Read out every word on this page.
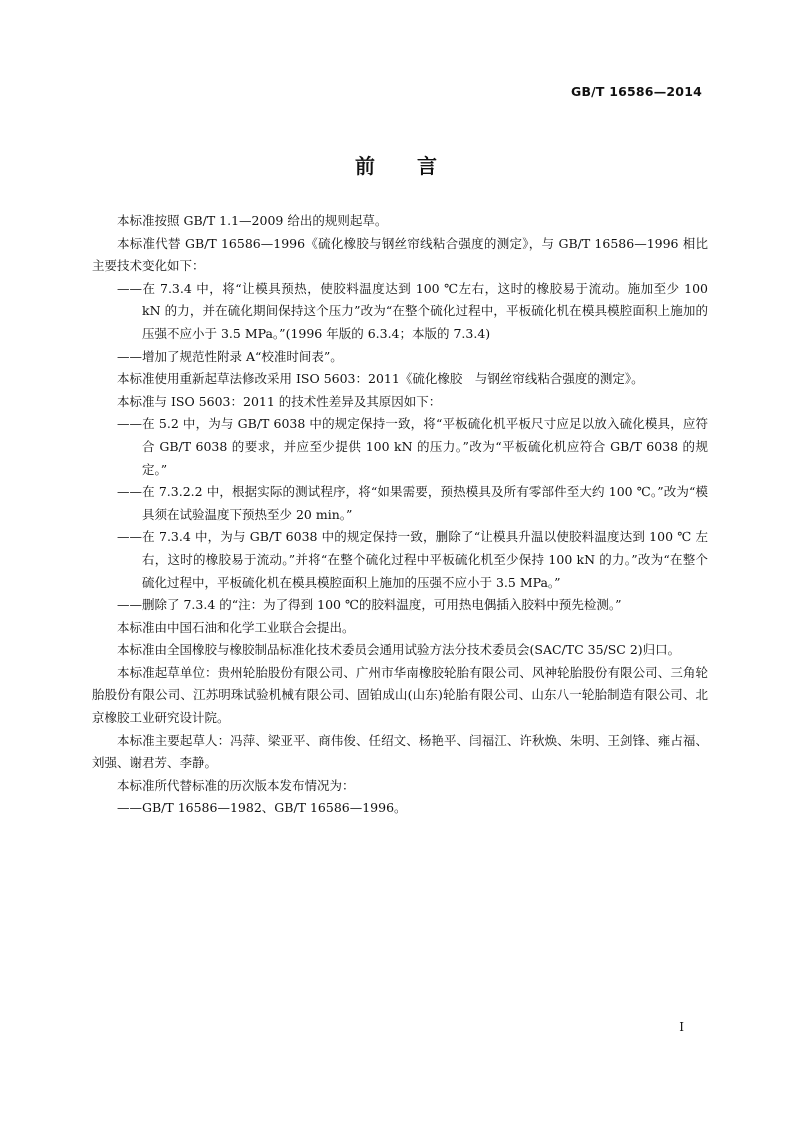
GB/T 16586—2014
前 言

本标准按照 GB/T 1.1—2009 给出的规则起草。

本标准代替 GB/T 16586—1996《硫化橡胶与钢丝帘线粘合强度的测定》，与 GB/T 16586—1996 相比主要技术变化如下：

——在 7.3.4 中，将“让模具预热，使胶料温度达到 100 ℃左右，这时的橡胶易于流动。施加至少 100 kN 的力，并在硫化期间保持这个压力”改为“在整个硫化过程中，平板硫化机在模具模腔面积上施加的压强不应小于 3.5 MPa。”(1996 年版的 6.3.4；本版的 7.3.4)

——增加了规范性附录 A“校准时间表”。

本标准使用重新起草法修改采用 ISO 5603：2011《硫化橡胶　与钢丝帘线粘合强度的测定》。

本标准与 ISO 5603：2011 的技术性差异及其原因如下：

——在 5.2 中，为与 GB/T 6038 中的规定保持一致，将“平板硫化机平板尺寸应足以放入硫化模具，应符合 GB/T 6038 的要求，并应至少提供 100 kN 的压力。”改为“平板硫化机应符合 GB/T 6038 的规定。”

——在 7.3.2.2 中，根据实际的测试程序，将“如果需要，预热模具及所有零部件至大约 100 ℃。”改为“模具须在试验温度下预热至少 20 min。”

——在 7.3.4 中，为与 GB/T 6038 中的规定保持一致，删除了“让模具升温以使胶料温度达到 100 ℃ 左右，这时的橡胶易于流动。”并将“在整个硫化过程中平板硫化机至少保持 100 kN 的力。”改为“在整个硫化过程中，平板硫化机在模具模腔面积上施加的压强不应小于 3.5 MPa。”

——删除了 7.3.4 的“注：为了得到 100 ℃的胶料温度，可用热电偶插入胶料中预先检测。”

本标准由中国石油和化学工业联合会提出。

本标准由全国橡胶与橡胶制品标准化技术委员会通用试验方法分技术委员会(SAC/TC 35/SC 2)归口。

本标准起草单位：贵州轮胎股份有限公司、广州市华南橡胶轮胎有限公司、风神轮胎股份有限公司、三角轮胎股份有限公司、江苏明珠试验机械有限公司、固铂成山(山东)轮胎有限公司、山东八一轮胎制造有限公司、北京橡胶工业研究设计院。

本标准主要起草人：冯萍、梁亚平、商伟俊、任绍文、杨艳平、闫福江、许秋焕、朱明、王剑锋、雍占福、刘强、谢君芳、李静。

本标准所代替标准的历次版本发布情况为：

——GB/T 16586—1982、GB/T 16586—1996。

I
